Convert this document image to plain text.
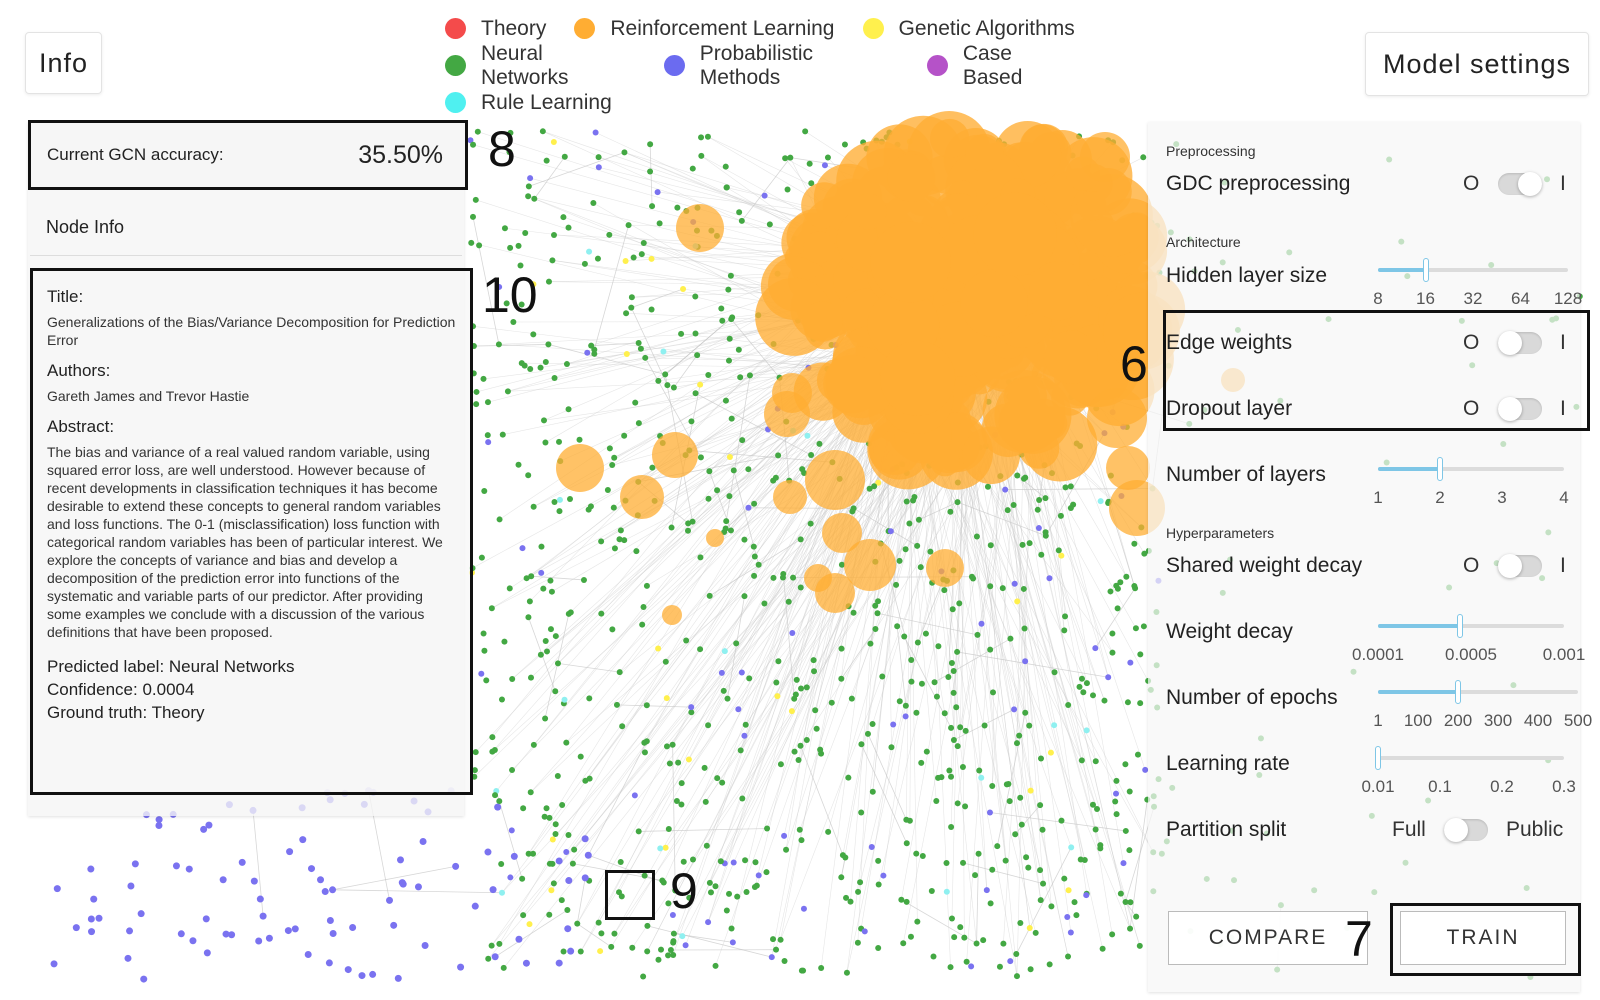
Info	Model settings
Theory	Reinforcement Learning	Genetic Algorithms
Neural Networks
Probabilistic Methods
Case Based
Rule Learning
Current GCN accuracy:	35.50%
Node Info
Title:
Generalizations of the Bias/Variance Decomposition for Prediction Error
Authors:
Gareth James and Trevor Hastie
Abstract:
The bias and variance of a real valued random variable, using squared error loss, are well understood. However because of recent developments in classification techniques it has become desirable to extend these concepts to general random variables and loss functions. The 0-1 (misclassification) loss function with categorical random variables has been of particular interest. We explore the concepts of variance and bias and develop a decomposition of the prediction error into functions of the systematic and variable parts of our predictor. After providing some examples we conclude with a discussion of the various definitions that have been proposed.
Predicted label: Neural Networks
Confidence: 0.0004
Ground truth: Theory
8
10
6
7
9
Preprocessing
GDC preprocessing	O	I
Architecture
Hidden layer size
8 16 32 64 128
Edge weights	O	I
Dropout layer	O	I
Number of layers
1	2	3	4
Hyperparameters
Shared weight decay	O	I
Weight decay
0.0001 0.0005	0.001
Number of epochs
1 100 200 300 400 500
Learning rate
0.01 0.1 0.2 0.3
Partition split	Full	Public
COMPARE	TRAIN
